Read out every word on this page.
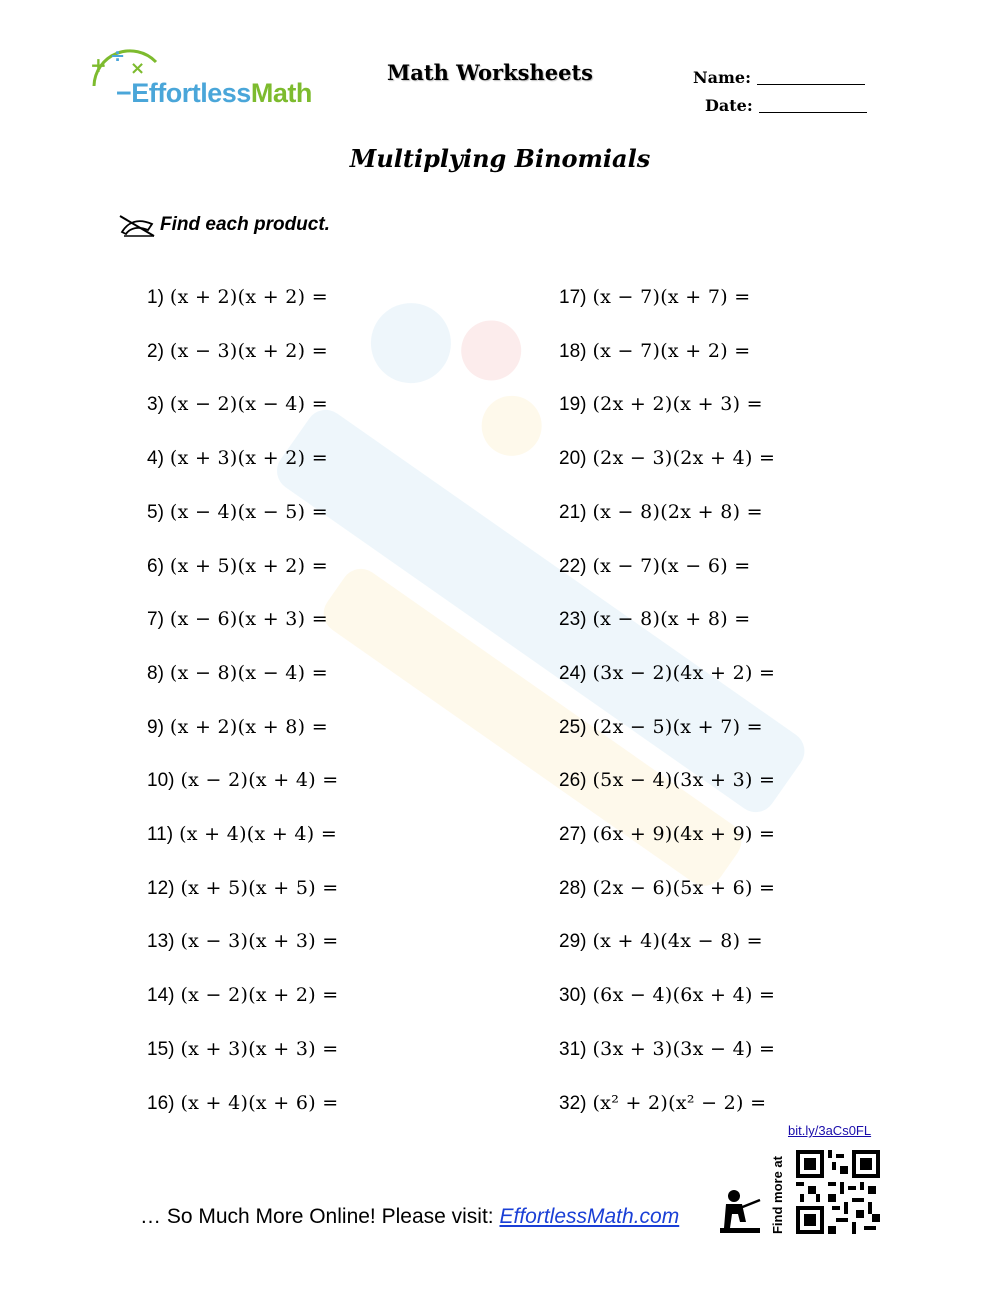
+ ÷
×
−EffortlessMath
Math Worksheets	Name:
Date:
Multiplying Binomials
Find each product.
1) (x + 2)(x + 2) =
2) (x − 3)(x + 2) =
3) (x − 2)(x − 4) =
4) (x + 3)(x + 2) =
5) (x − 4)(x − 5) =
6) (x + 5)(x + 2) =
7) (x − 6)(x + 3) =
8) (x − 8)(x − 4) =
9) (x + 2)(x + 8) =
10) (x − 2)(x + 4) =
11) (x + 4)(x + 4) =
12) (x + 5)(x + 5) =
13) (x − 3)(x + 3) =
14) (x − 2)(x + 2) =
15) (x + 3)(x + 3) =
16) (x + 4)(x + 6) =
17) (x − 7)(x + 7) =
18) (x − 7)(x + 2) =
19) (2x + 2)(x + 3) =
20) (2x − 3)(2x + 4) =
21) (x − 8)(2x + 8) =
22) (x − 7)(x − 6) =
23) (x − 8)(x + 8) =
24) (3x − 2)(4x + 2) =
25) (2x − 5)(x + 7) =
26) (5x − 4)(3x + 3) =
27) (6x + 9)(4x + 9) =
28) (2x − 6)(5x + 6) =
29) (x + 4)(4x − 8) =
30) (6x − 4)(6x + 4) =
31) (3x + 3)(3x − 4) =
32) (x² + 2)(x² − 2) =
bit.ly/3aCs0FL
… So Much More Online! Please visit: EffortlessMath.com	Find more at
